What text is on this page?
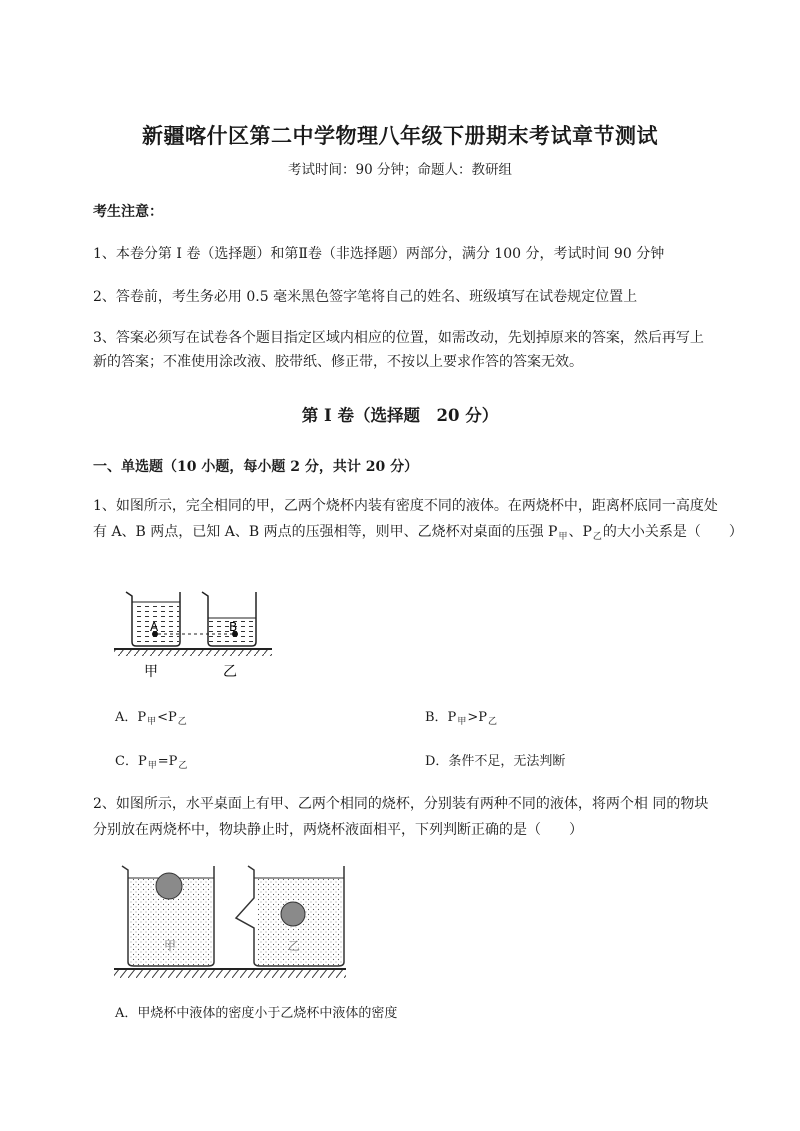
新疆喀什区第二中学物理八年级下册期末考试章节测试
考试时间：90 分钟；命题人：教研组
考生注意：
1、本卷分第 I 卷（选择题）和第Ⅱ卷（非选择题）两部分，满分 100 分，考试时间 90 分钟
2、答卷前，考生务必用 0.5 毫米黑色签字笔将自己的姓名、班级填写在试卷规定位置上
3、答案必须写在试卷各个题目指定区域内相应的位置，如需改动，先划掉原来的答案，然后再写上新的答案；不准使用涂改液、胶带纸、修正带，不按以上要求作答的答案无效。
第 I 卷（选择题　20 分）
一、单选题（10 小题，每小题 2 分，共计 20 分）
1、如图所示，完全相同的甲，乙两个烧杯内装有密度不同的液体。在两烧杯中，距离杯底同一高度处
有 A、B 两点，已知 A、B 两点的压强相等，则甲、乙烧杯对桌面的压强 $P_甲$、$P_乙$的大小关系是（　　）
A	B
甲	乙
A．$P_甲<P_乙$	B．$P_甲>P_乙$
C．$P_甲=P_乙$	D．条件不足，无法判断
2、如图所示，水平桌面上有甲、乙两个相同的烧杯，分别装有两种不同的液体，将两个相 同的物块
分别放在两烧杯中，物块静止时，两烧杯液面相平，下列判断正确的是（　　）
甲	乙
A．甲烧杯中液体的密度小于乙烧杯中液体的密度
